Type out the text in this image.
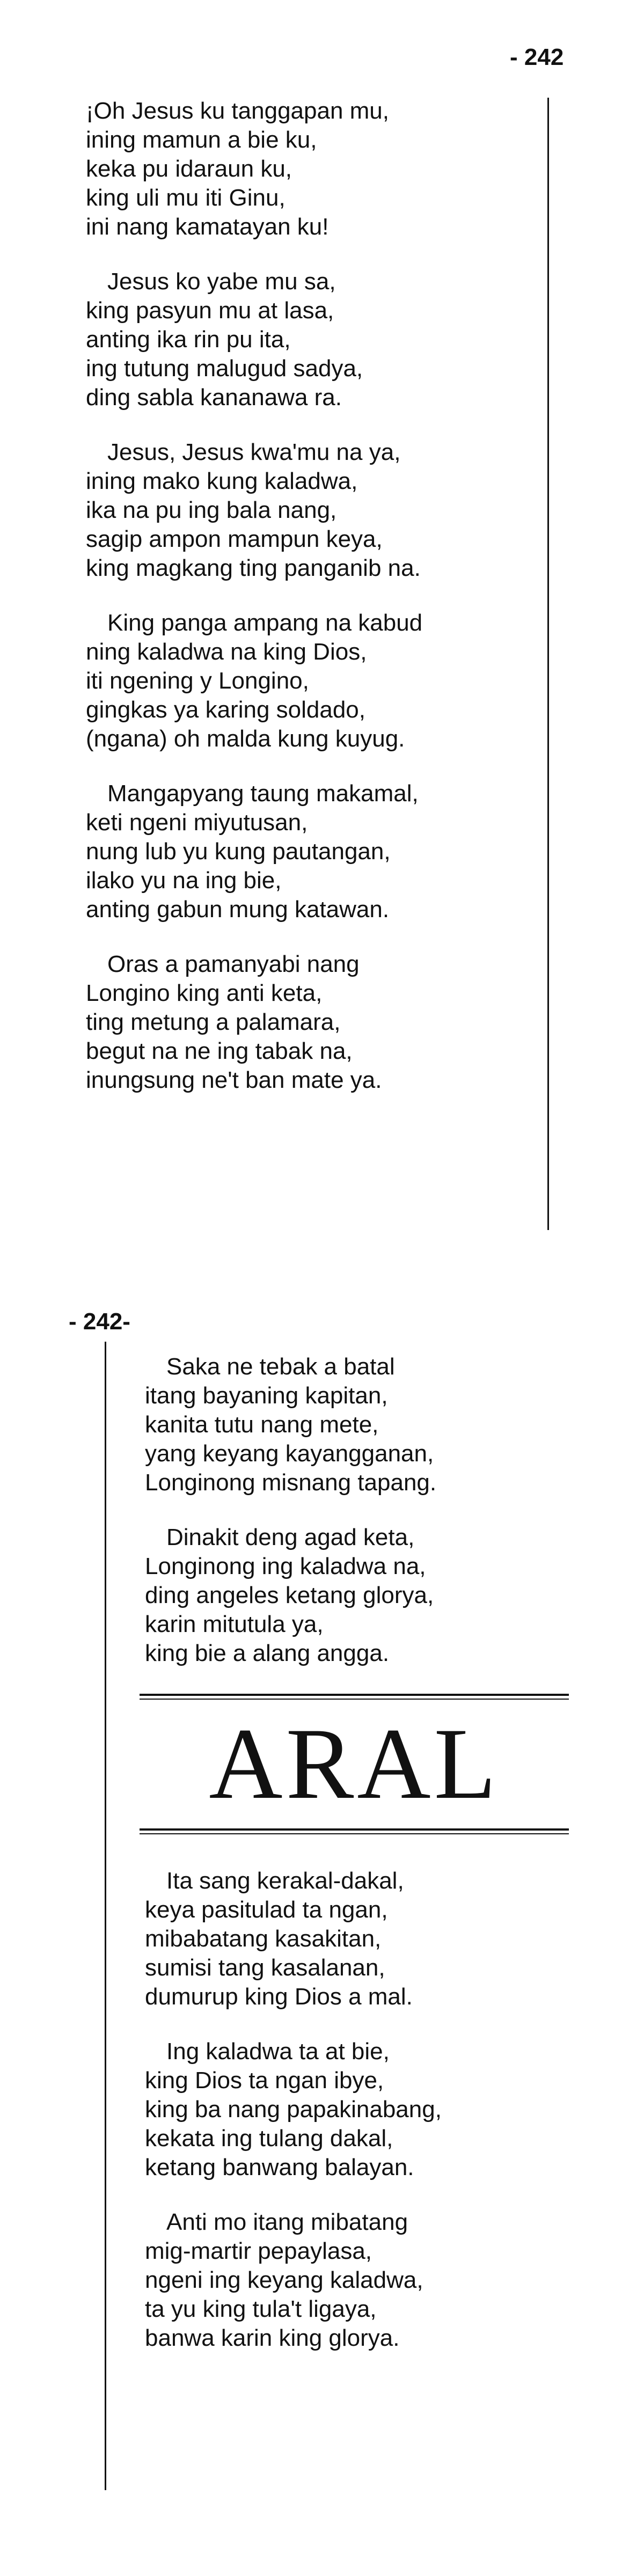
- 242
¡Oh Jesus ku tanggapan mu,
ining mamun a bie ku,
keka pu idaraun ku,
king uli mu iti Ginu,
ini nang kamatayan ku!
Jesus ko yabe mu sa,
king pasyun mu at lasa,
anting ika rin pu ita,
ing tutung malugud sadya,
ding sabla kananawa ra.
Jesus, Jesus kwa'mu na ya,
ining mako kung kaladwa,
ika na pu ing bala nang,
sagip ampon mampun keya,
king magkang ting panganib na.
King panga ampang na kabud
ning kaladwa na king Dios,
iti ngening y Longino,
gingkas ya karing soldado,
(ngana) oh malda kung kuyug.
Mangapyang taung makamal,
keti ngeni miyutusan,
nung lub yu kung pautangan,
ilako yu na ing bie,
anting gabun mung katawan.
Oras a pamanyabi nang
Longino king anti keta,
ting metung a palamara,
begut na ne ing tabak na,
inungsung ne't ban mate ya.
- 242-
Saka ne tebak a batal
itang bayaning kapitan,
kanita tutu nang mete,
yang keyang kayangganan,
Longinong misnang tapang.
Dinakit deng agad keta,
Longinong ing kaladwa na,
ding angeles ketang glorya,
karin mitutula ya,
king bie a alang angga.
ARAL
Ita sang kerakal-dakal,
keya pasitulad ta ngan,
mibabatang kasakitan,
sumisi tang kasalanan,
dumurup king Dios a mal.
Ing kaladwa ta at bie,
king Dios ta ngan ibye,
king ba nang papakinabang,
kekata ing tulang dakal,
ketang banwang balayan.
Anti mo itang mibatang
mig-martir pepaylasa,
ngeni ing keyang kaladwa,
ta yu king tula't ligaya,
banwa karin king glorya.
